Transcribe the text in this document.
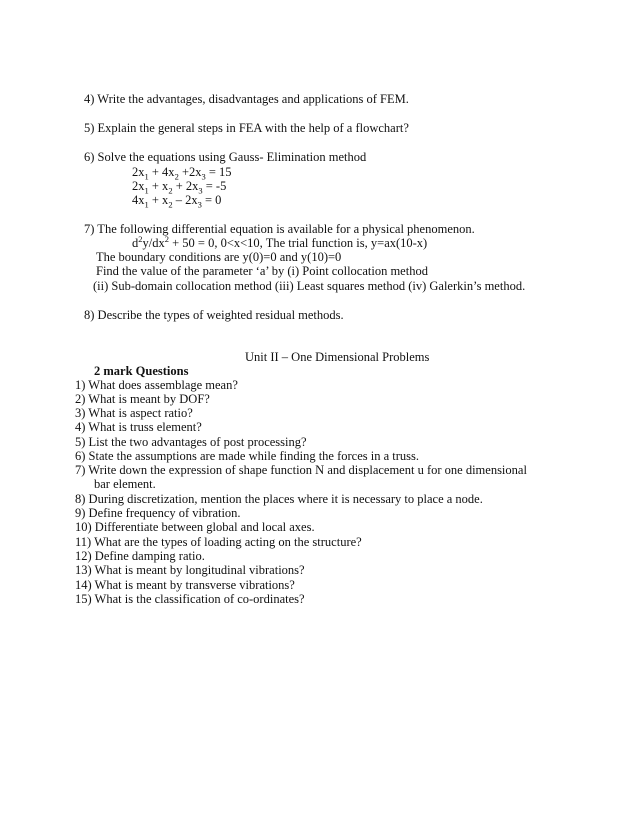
4) Write the advantages, disadvantages and applications of FEM.
5) Explain the general steps in FEA with the help of a flowchart?
6) Solve the equations using Gauss- Elimination method
$2x_1 + 4x_2 +2x_3 = 15$
$2x_1 + x_2 + 2x_3 = -5$
$4x_1 + x_2 - 2x_3 = 0$
7) The following differential equation is available for a physical phenomenon.
$d^2y/dx^2 + 50 = 0$, 0<x<10, The trial function is, y=ax(10-x)
The boundary conditions are y(0)=0 and y(10)=0
Find the value of the parameter ‘a’ by (i) Point collocation method
(ii) Sub-domain collocation method (iii) Least squares method (iv) Galerkin’s method.
8) Describe the types of weighted residual methods.
Unit II – One Dimensional Problems
2 mark Questions
1) What does assemblage mean?
2) What is meant by DOF?
3) What is aspect ratio?
4) What is truss element?
5) List the two advantages of post processing?
6) State the assumptions are made while finding the forces in a truss.
7) Write down the expression of shape function N and displacement u for one dimensional
bar element.
8) During discretization, mention the places where it is necessary to place a node.
9) Define frequency of vibration.
10) Differentiate between global and local axes.
11) What are the types of loading acting on the structure?
12) Define damping ratio.
13) What is meant by longitudinal vibrations?
14) What is meant by transverse vibrations?
15) What is the classification of co-ordinates?
